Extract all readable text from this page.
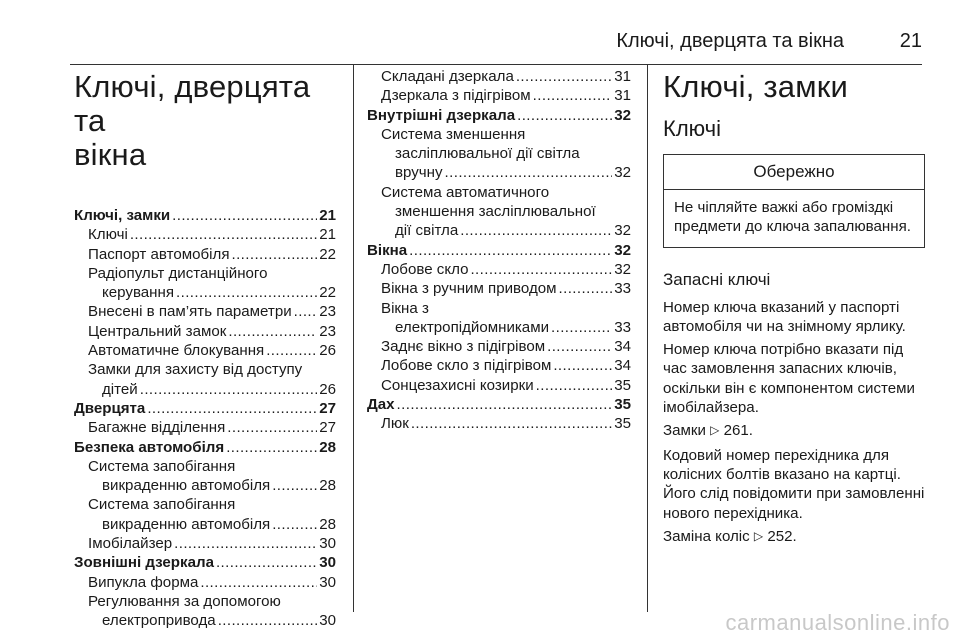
Ключі, дверцята та вікна	21
Ключі, дверцята та
вікна
Ключі, замки .....	21
Ключі .....	21
Паспорт автомобіля .....	22
Радіопульт дистанційного
керування .....	22
Внесені в пам’ять параметри ..... 23
Центральний замок .....	23
Автоматичне блокування .....	26
Замки для захисту від доступу
дітей .....	26
Дверцята .....	27
Багажне відділення .....	27
Безпека автомобіля .....	28
Система запобігання
викраденню автомобіля .....	28
Система запобігання
викраденню автомобіля .....	28
Імобілайзер .....	30
Зовнішні дзеркала .....	30
Випукла форма .....	30
Регулювання за допомогою
електроприводa .....	30
Складані дзеркала .....	31
Дзеркала з підігрівом .....	31
Внутрішні дзеркала .....	32
Система зменшення
засліплювальної дії світла
вручну .....	32
Система автоматичного
зменшення засліплювальної
дії світла .....	32
Вікна .....	32
Лобове скло .....	32
Вікна з ручним приводом .....	33
Вікна з
електропідйомниками .....	33
Заднє вікно з підігрівом .....	34
Лобове скло з підігрівом .....	34
Сонцезахисні козирки .....	35
Дах .....	35
Люк .....	35
Ключі, замки
Ключі
Обережно
Не чіпляйте важкі або громіздкі предмети до ключа запалювання.
Запасні ключі

Номер ключа вказаний у паспорті автомобіля чи на знімному ярлику.

Номер ключа потрібно вказати під час замовлення запасних ключів, оскільки він є компонентом системи імобілайзера.

Замки ▷ 261.

Кодовий номер перехідника для колісних болтів вказано на картці. Його слід повідомити при замовленні нового перехідника.

Заміна коліс ▷ 252.

carmanualsonline.info
